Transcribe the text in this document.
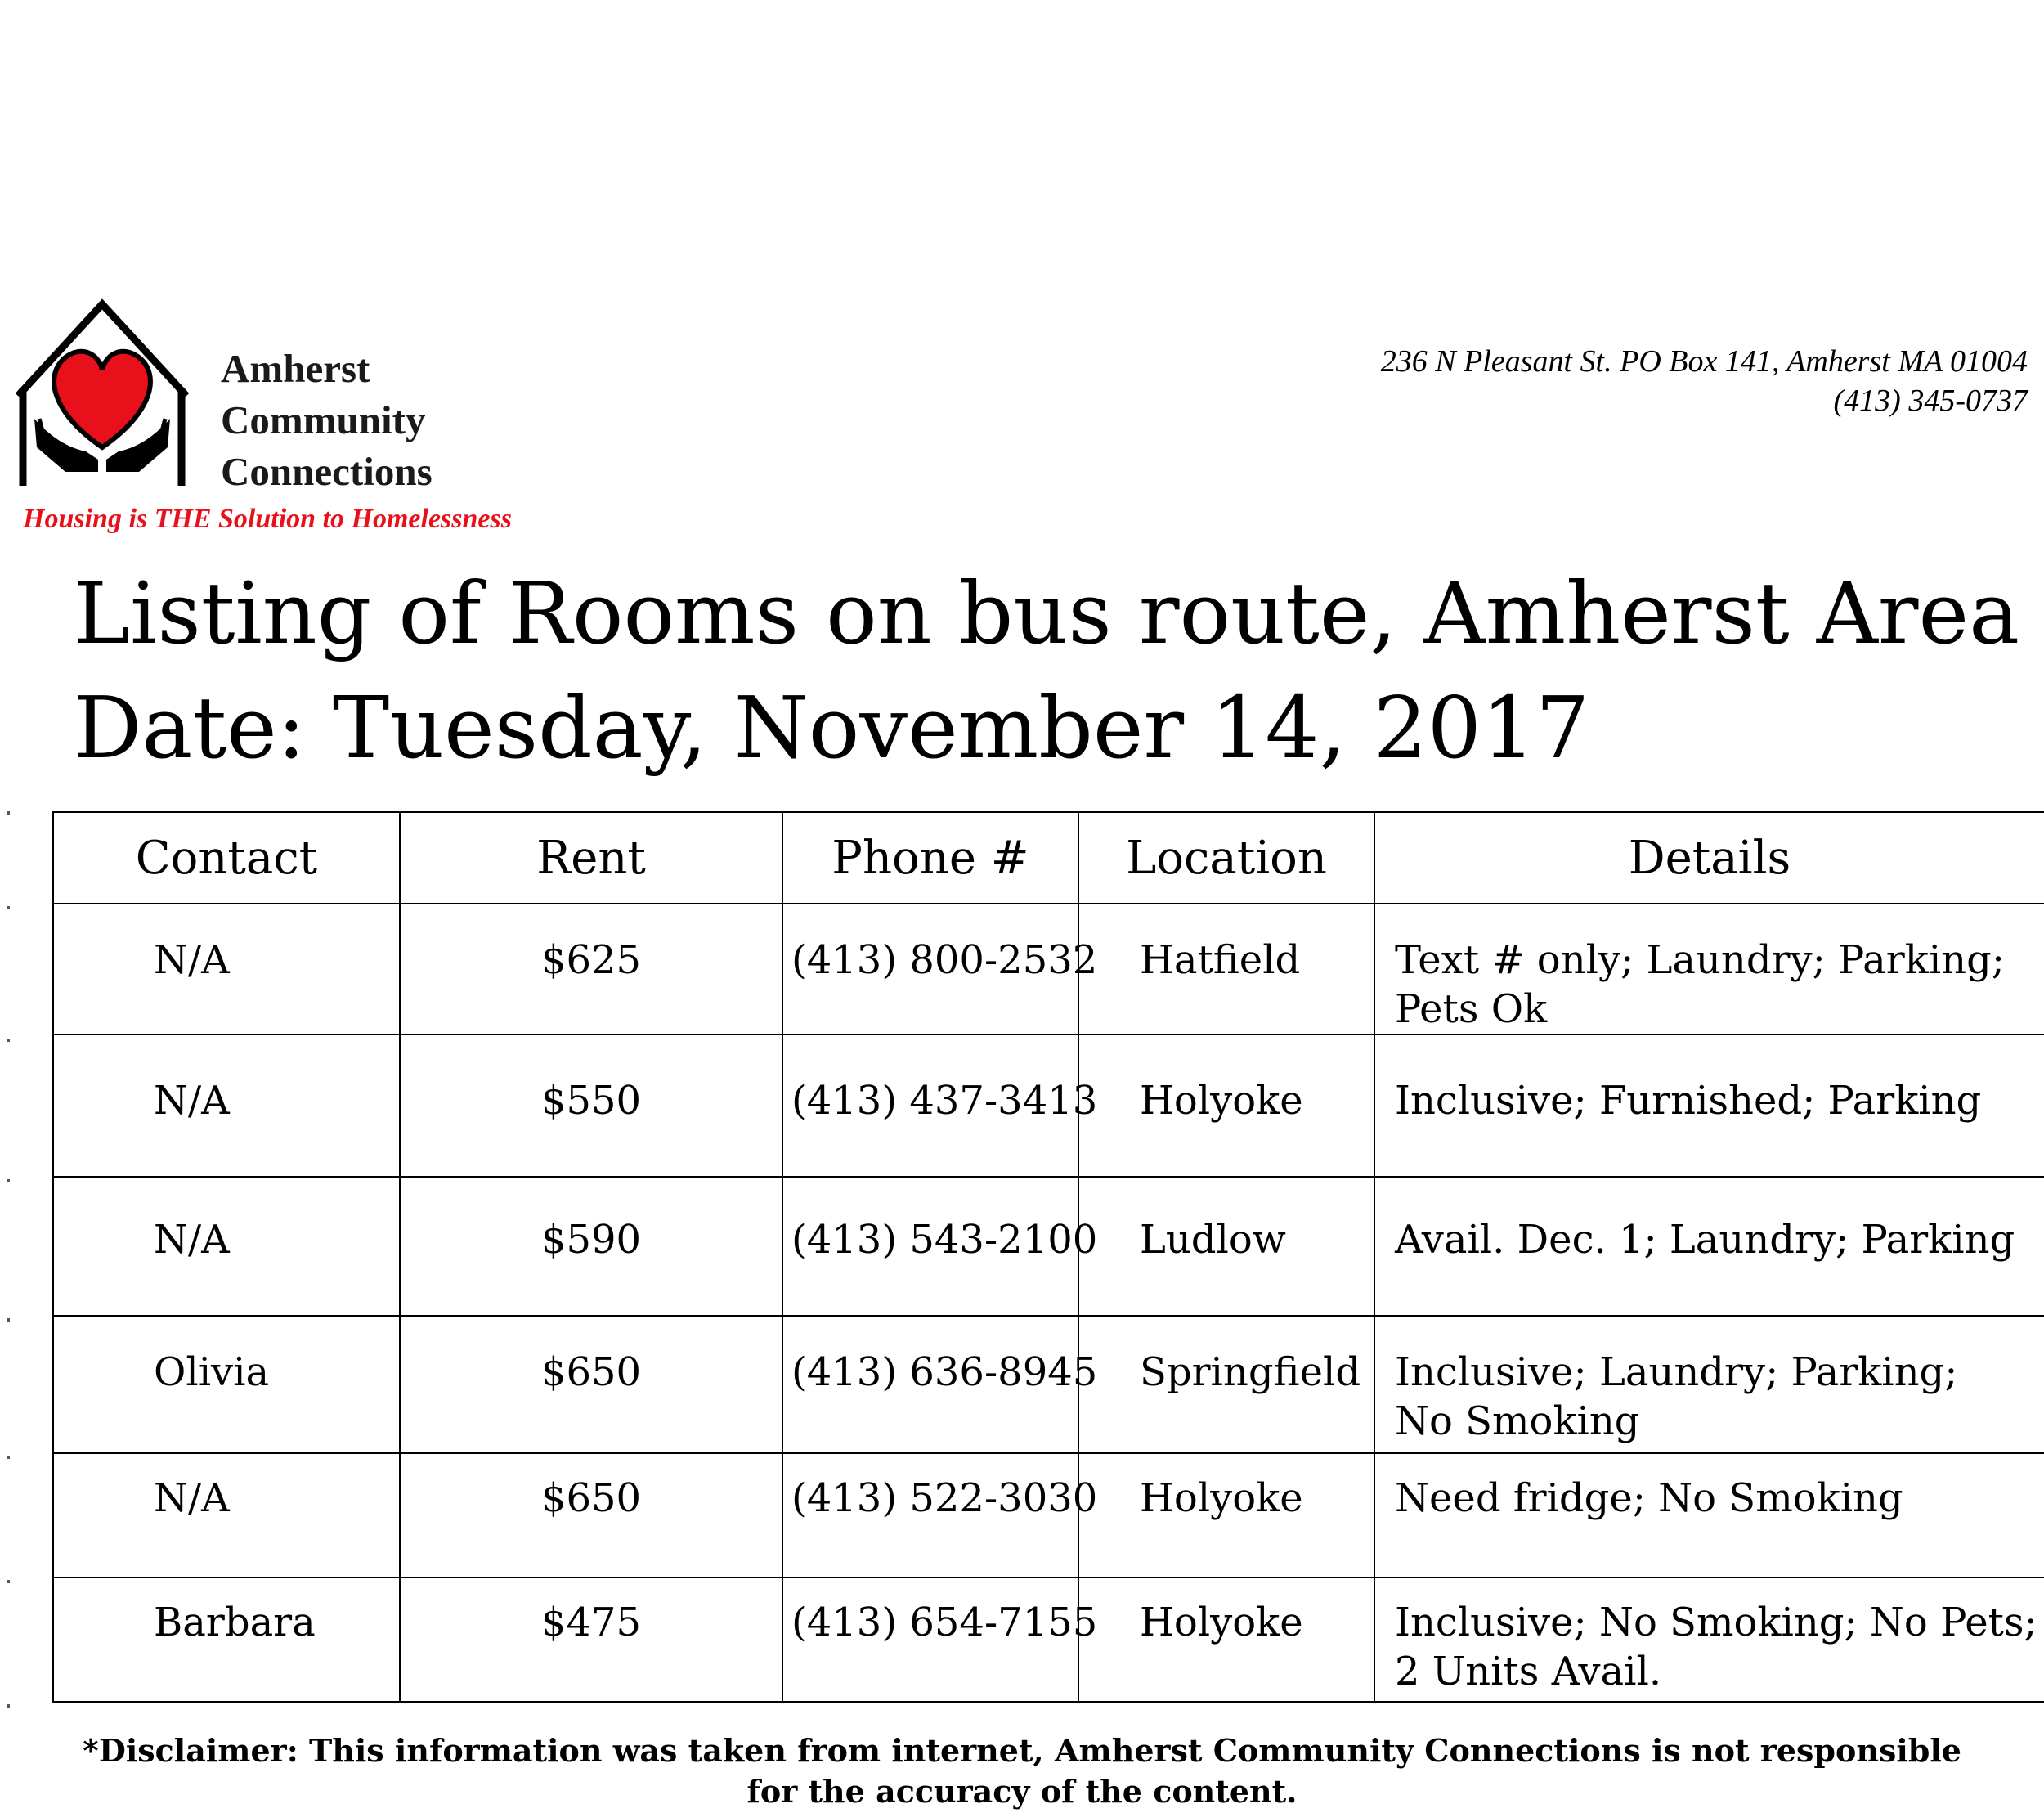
Amherst
Community
Connections
Housing is THE Solution to Homelessness
236 N Pleasant St. PO Box 141, Amherst MA 01004
(413) 345-0737
Listing of Rooms on bus route, Amherst Area
Date: Tuesday, November 14, 2017
Contact	Rent	Phone #	Location	Details
N/A	$625	(413) 800-2532	Hatfield	Text # only; Laundry; Parking;
Pets Ok

N/A	$550	(413) 437-3413	Holyoke	Inclusive; Furnished; Parking

N/A	$590	(413) 543-2100	Ludlow	Avail. Dec. 1; Laundry; Parking

Olivia	$650	(413) 636-8945	Springfield	Inclusive; Laundry; Parking;
No Smoking

N/A	$650	(413) 522-3030	Holyoke	Need fridge; No Smoking

Barbara	$475	(413) 654-7155	Holyoke	Inclusive; No Smoking; No Pets;
2 Units Avail.
*Disclaimer: This information was taken from internet, Amherst Community Connections is not responsible
for the accuracy of the content.
